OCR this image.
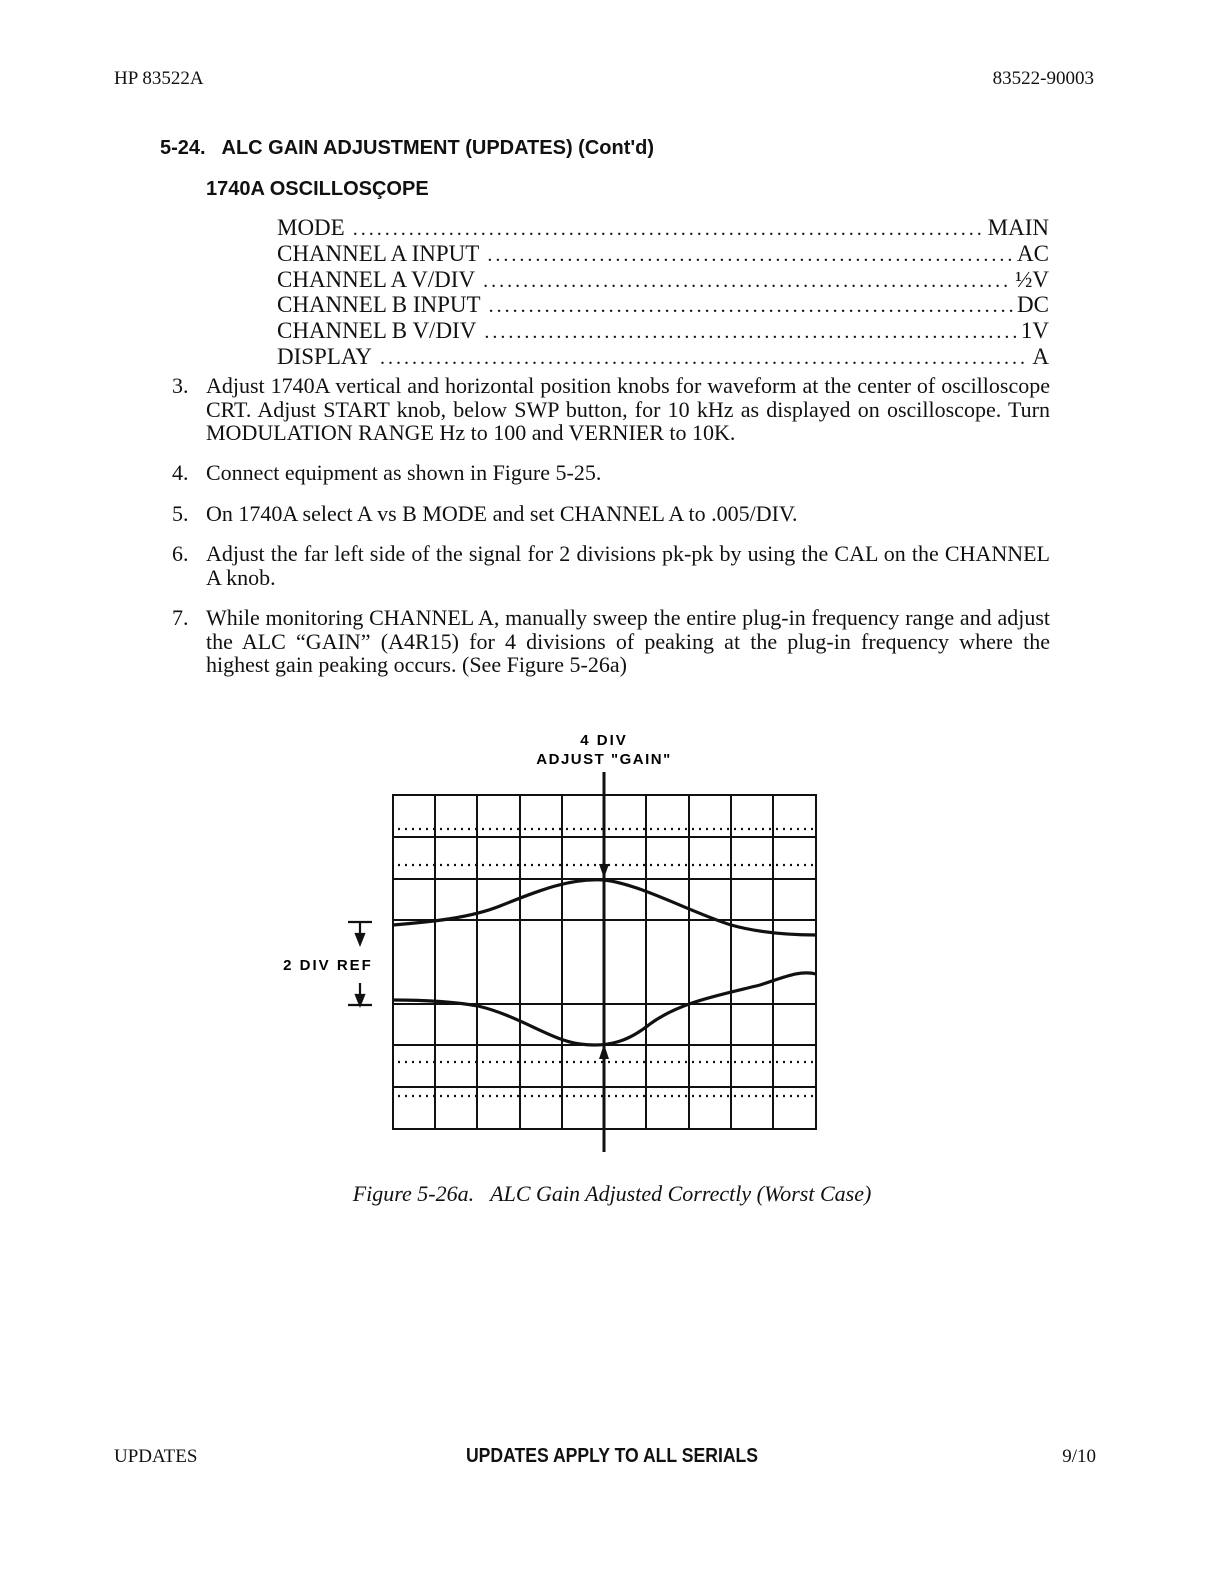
HP 83522A	83522-90003
5-24.   ALC GAIN ADJUSTMENT (UPDATES) (Cont'd)
1740A OSCILLOSÇOPE
MODE . . .	MAIN
CHANNEL A INPUT . . .	AC
CHANNEL A V/DIV . . .	½V
CHANNEL B INPUT . . .	DC
CHANNEL B V/DIV . . .	1V
DISPLAY . . .	A
3. Adjust 1740A vertical and horizontal position knobs for waveform at the center of oscilloscope CRT. Adjust START knob, below SWP button, for 10 kHz as displayed on oscilloscope. Turn MODULATION RANGE Hz to 100 and VERNIER to 10K.
4. Connect equipment as shown in Figure 5-25.
5. On 1740A select A vs B MODE and set CHANNEL A to .005/DIV.
6. Adjust the far left side of the signal for 2 divisions pk-pk by using the CAL on the CHANNEL A knob.
7. While monitoring CHANNEL A, manually sweep the entire plug-in frequency range and adjust the ALC “GAIN” (A4R15) for 4 divisions of peaking at the plug-in frequency where the highest gain peaking occurs. (See Figure 5-26a)
4 DIV
ADJUST "GAIN"
2 DIV REF
Figure 5-26a.   ALC Gain Adjusted Correctly (Worst Case)
UPDATES	UPDATES APPLY TO ALL SERIALS	9/10
